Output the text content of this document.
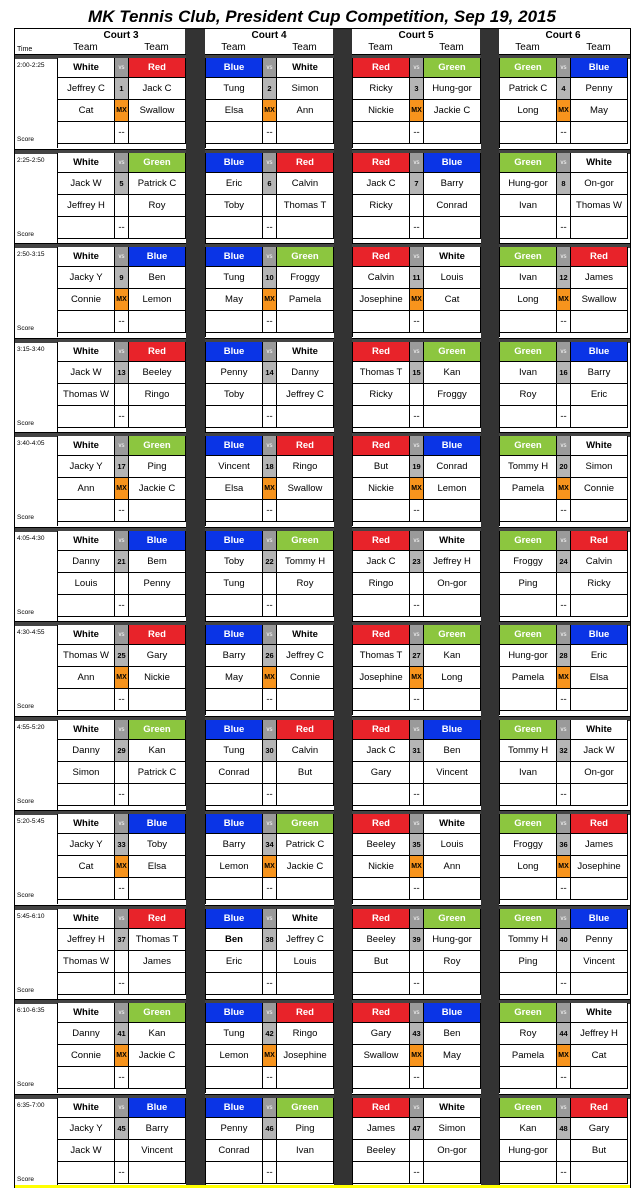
MK Tennis Club, President Cup Competition, Sep 19, 2015
Time
Court 3
Team	Team
Court 4
Team	Team
Court 5
Team	Team
Court 6
Team	Team
2:00-2:25
Score
White	vs	Red
Jeffrey C	1	Jack C
Cat	MX	Swallow
--
Blue	vs	White
Tung	2	Simon
Elsa	MX	Ann
--
Red	vs	Green
Ricky	3	Hung-gor
Nickie	MX	Jackie C
--
Green	vs	Blue
Patrick C	4	Penny
Long	MX	May
--
2:25-2:50
Score
White	vs	Green
Jack W	5	Patrick C
Jeffrey H	Roy
--
Blue	vs	Red
Eric	6	Calvin
Toby	Thomas T
--
Red	vs	Blue
Jack C	7	Barry
Ricky	Conrad
--
Green	vs	White
Hung-gor	8	On-gor
Ivan	Thomas W
--
2:50-3:15
Score
White	vs	Blue
Jacky Y	9	Ben
Connie	MX	Lemon
--
Blue	vs	Green
Tung	10	Froggy
May	MX	Pamela
--
Red	vs	White
Calvin	11	Louis
Josephine	MX	Cat
--
Green	vs	Red
Ivan	12	James
Long	MX	Swallow
--
3:15-3:40
Score
White	vs	Red
Jack W	13	Beeley
Thomas W	Ringo
--
Blue	vs	White
Penny	14	Danny
Toby	Jeffrey C
--
Red	vs	Green
Thomas T	15	Kan
Ricky	Froggy
--
Green	vs	Blue
Ivan	16	Barry
Roy	Eric
--
3:40-4:05
Score
White	vs	Green
Jacky Y	17	Ping
Ann	MX	Jackie C
--
Blue	vs	Red
Vincent	18	Ringo
Elsa	MX	Swallow
--
Red	vs	Blue
But	19	Conrad
Nickie	MX	Lemon
--
Green	vs	White
Tommy H	20	Simon
Pamela	MX	Connie
--
4:05-4:30
Score
White	vs	Blue
Danny	21	Bem
Louis	Penny
--
Blue	vs	Green
Toby	22	Tommy H
Tung	Roy
--
Red	vs	White
Jack C	23	Jeffrey H
Ringo	On-gor
--
Green	vs	Red
Froggy	24	Calvin
Ping	Ricky
--
4:30-4:55
Score
White	vs	Red
Thomas W	25	Gary
Ann	MX	Nickie
--
Blue	vs	White
Barry	26	Jeffrey C
May	MX	Connie
--
Red	vs	Green
Thomas T	27	Kan
Josephine	MX	Long
--
Green	vs	Blue
Hung-gor	28	Eric
Pamela	MX	Elsa
--
4:55-5:20
Score
White	vs	Green
Danny	29	Kan
Simon	Patrick C
--
Blue	vs	Red
Tung	30	Calvin
Conrad	But
--
Red	vs	Blue
Jack C	31	Ben
Gary	Vincent
--
Green	vs	White
Tommy H	32	Jack W
Ivan	On-gor
--
5:20-5:45
Score
White	vs	Blue
Jacky Y	33	Toby
Cat	MX	Elsa
--
Blue	vs	Green
Barry	34	Patrick C
Lemon	MX	Jackie C
--
Red	vs	White
Beeley	35	Louis
Nickie	MX	Ann
--
Green	vs	Red
Froggy	36	James
Long	MX Josephine
--
5:45-6:10
Score
White	vs	Red
Jeffrey H	37	Thomas T
Thomas W	James
--
Blue	vs	White
Ben	38	Jeffrey C
Eric	Louis
--
Red	vs	Green
Beeley	39	Hung-gor
But	Roy
--
Green	vs	Blue
Tommy H	40	Penny
Ping	Vincent
--
6:10-6:35
Score
White	vs	Green
Danny	41	Kan
Connie	MX	Jackie C
--
Blue	vs	Red
Tung	42	Ringo
Lemon	MX Josephine
--
Red	vs	Blue
Gary	43	Ben
Swallow	MX	May
--
Green	vs	White
Roy	44	Jeffrey H
Pamela	MX	Cat
--
6:35-7:00
Score
White	vs	Blue
Jacky Y	45	Barry
Jack W	Vincent
--
Blue	vs	Green
Penny	46	Ping
Conrad	Ivan
--
Red	vs	White
James	47	Simon
Beeley	On-gor
--
Green	vs	Red
Kan	48	Gary
Hung-gor	But
--
